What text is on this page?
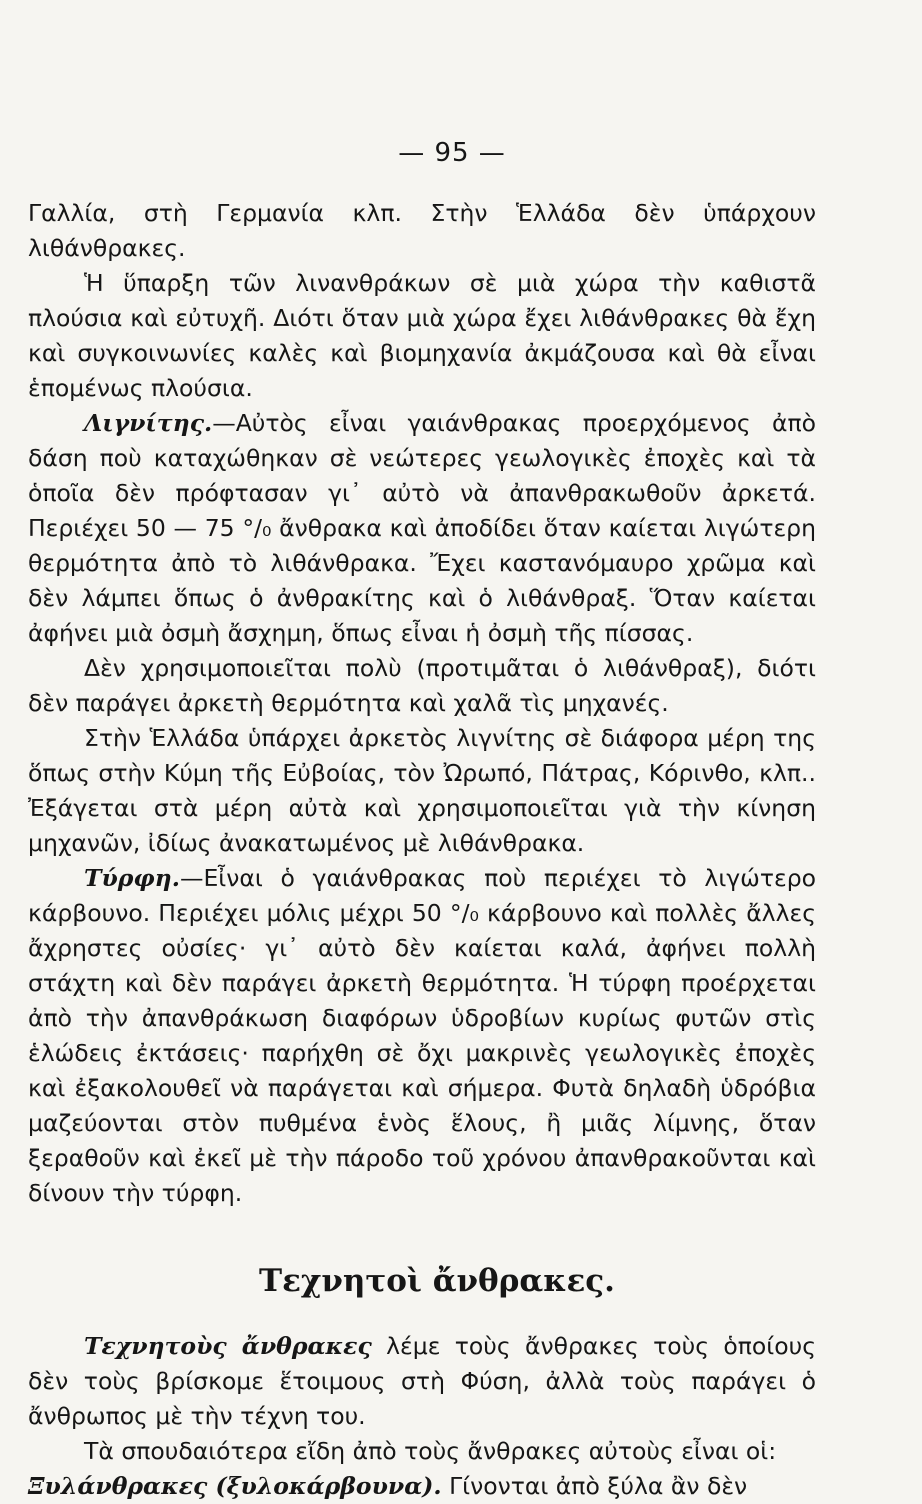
— 95 —

Γαλλία, στὴ Γερμανία κλπ. Στὴν Ἑλλάδα δὲν ὑπάρχουν λιθάνθρακες.

Ἡ ὕπαρξη τῶν λινανθράκων σὲ μιὰ χώρα τὴν καθιστᾶ πλούσια καὶ εὐτυχῆ. Διότι ὅταν μιὰ χώρα ἔχει λιθάνθρακες θὰ ἔχη καὶ συγκοινωνίες καλὲς καὶ βιομηχανία ἀκμάζουσα καὶ θὰ εἶναι ἑπομένως πλούσια.

Λιγνίτης.—Αὐτὸς εἶναι γαιάνθρακας προερχόμενος ἀπὸ δάση ποὺ καταχώθηκαν σὲ νεώτερες γεωλογικὲς ἐποχὲς καὶ τὰ ὁποῖα δὲν πρόφτασαν γι᾽ αὐτὸ νὰ ἀπανθρακωθοῦν ἀρκετά. Περιέχει 50 — 75 °/₀ ἄνθρακα καὶ ἀποδίδει ὅταν καίεται λιγώτερη θερμότητα ἀπὸ τὸ λιθάνθρακα. Ἔχει καστανόμαυρο χρῶμα καὶ δὲν λάμπει ὅπως ὁ ἀνθρακίτης καὶ ὁ λιθάνθραξ. Ὅταν καίεται ἀφήνει μιὰ ὀσμὴ ἄσχημη, ὅπως εἶναι ἡ ὀσμὴ τῆς πίσσας.

Δὲν χρησιμοποιεῖται πολὺ (προτιμᾶται ὁ λιθάνθραξ), διότι δὲν παράγει ἀρκετὴ θερμότητα καὶ χαλᾶ τὶς μηχανές.

Στὴν Ἑλλάδα ὑπάρχει ἀρκετὸς λιγνίτης σὲ διάφορα μέρη της ὅπως στὴν Κύμη τῆς Εὐβοίας, τὸν Ὠρωπό, Πάτρας, Κόρινθο, κλπ.. Ἐξάγεται στὰ μέρη αὐτὰ καὶ χρησιμοποιεῖται γιὰ τὴν κίνηση μηχανῶν, ἰδίως ἀνακατωμένος μὲ λιθάνθρακα.

Τύρφη.—Εἶναι ὁ γαιάνθρακας ποὺ περιέχει τὸ λιγώτερο κάρβουνο. Περιέχει μόλις μέχρι 50 °/₀ κάρβουνο καὶ πολλὲς ἄλλες ἄχρηστες οὐσίες· γι᾽ αὐτὸ δὲν καίεται καλά, ἀφήνει πολλὴ στάχτη καὶ δὲν παράγει ἀρκετὴ θερμότητα. Ἡ τύρφη προέρχεται ἀπὸ τὴν ἀπανθράκωση διαφόρων ὑδροβίων κυρίως φυτῶν στὶς ἑλώδεις ἐκτάσεις· παρήχθη σὲ ὄχι μακρινὲς γεωλογικὲς ἐποχὲς καὶ ἐξακολουθεῖ νὰ παράγεται καὶ σήμερα. Φυτὰ δηλαδὴ ὑδρόβια μαζεύονται στὸν πυθμένα ἑνὸς ἕλους, ἢ μιᾶς λίμνης, ὅταν ξεραθοῦν καὶ ἐκεῖ μὲ τὴν πάροδο τοῦ χρόνου ἀπανθρακοῦνται καὶ δίνουν τὴν τύρφη.

Τεχνητοὶ ἄνθρακες.

Τεχνητοὺς ἄνθρακες λέμε τοὺς ἄνθρακες τοὺς ὁποίους δὲν τοὺς βρίσκομε ἕτοιμους στὴ Φύση, ἀλλὰ τοὺς παράγει ὁ ἄνθρωπος μὲ τὴν τέχνη του.

Τὰ σπουδαιότερα εἴδη ἀπὸ τοὺς ἄνθρακες αὐτοὺς εἶναι οἱ:

Ξυλάνθρακες (ξυλοκάρβουνα). Γίνονται ἀπὸ ξύλα ἂν δὲν
